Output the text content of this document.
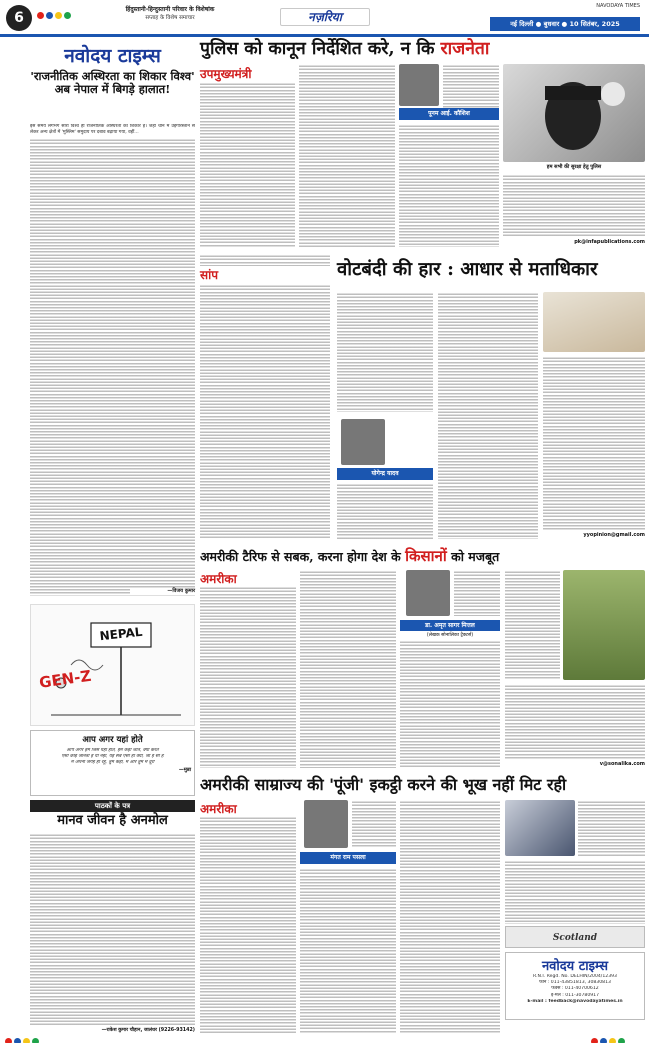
6
हिंदुस्तानी-हिन्दुस्तानी परिवार के विशेषांक
सप्ताह के विशेष समाचार	नज़रिया
NAVODAYA TIMES
नई दिल्ली ● बुधवार ● 10 सितंबर, 2025
नवोदय टाइम्स
'राजनीतिक अस्थिरता का शिकार विश्व' अब नेपाल में बिगड़े हालात!
इस समय लगभग सारा विश्व ही राजनीतिक अस्थिरता का शिकार है। जहाँ चीन में उइगरिस्तान से लेकर अन्य क्षेत्रों में 'मुस्लिम' समुदाय पर दबाव बढ़ाया गया, वहीं...
—विजय कुमार
NEPAL
GEN-Z
आप अगर यहां होते
आप अगर हम जिसे यहां होते, हम कहाँ जाते, क्या करते
ऐसा कोई जानता है या नहीं, यह सब ऐसा ही क्यों, जो है सो है
मैं अपनी जगह ही रहूँ, तुम कहाँ, मैं और तुम में दूरी
—मुन्ना
पाठकों के पत्र
मानव जीवन है अनमोल
—राकेश कुमार चौहान, जालंधर (9226-93142)
पुलिस को कानून निर्देशित करे, न कि राजनेता
उपमुख्यमंत्री
पूनम आई. कौशिश
हम सभी की सुरक्षा हेतु पुलिस
pk@infapublications.com
सांप	वोटबंदी की हार : आधार से मताधिकार
योगेन्द्र यादव
yyopinion@gmail.com
अमरीकी टैरिफ से सबक, करना होगा देश के किसानों को मजबूत
अमरीका
डा. अमृत सागर मित्तल
(लेखक सोनालिका ट्रैक्टर्स)
v@sonalika.com
अमरीकी साम्राज्य की 'पूंजी' इकट्ठी करने की भूख नहीं मिट रही
अमरीका
मंगत राम पसला
Scotland
नवोदय टाइम्स
R.N.I. Regd. No. DELHIN/2004/12393
फोन : 011-43851813, 30830813
फैक्स : 011-40700612
ई-मेल : 011-30780917
E-mail : feedback@navodayatimes.in
